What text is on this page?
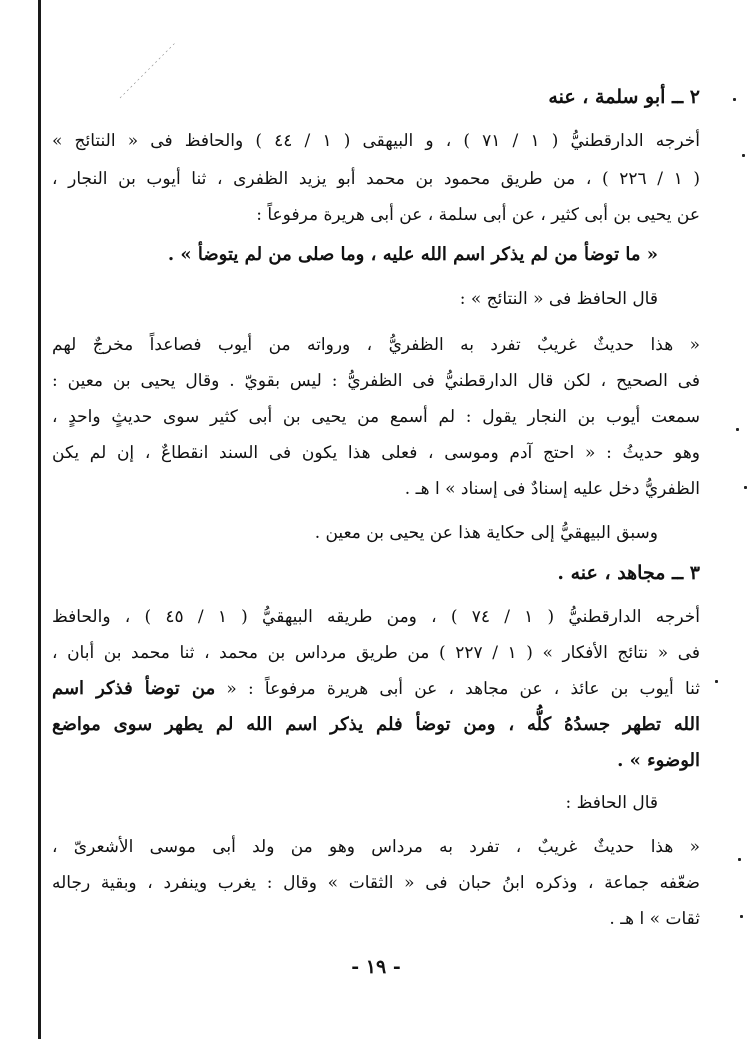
٢ ــ أبو سلمة ، عنه
أخرجه الدارقطنيُّ ( ١ / ٧١ ) ، و البيهقى ( ١ / ٤٤ ) والحافظ فى « النتائج »
( ١ / ٢٢٦ ) ، من طريق محمود بن محمد أبو يزيد الظفرى ، ثنا أيوب بن النجار ،
عن يحيى بن أبى كثير ، عن أبى سلمة ، عن أبى هريرة مرفوعاً :
« ما توضأ من لم يذكر اسم الله عليه ، وما صلى من لم يتوضأ » .
قال الحافظ فى « النتائج » :
« هذا حديثٌ غريبٌ تفرد به الظفريُّ ، ورواته من أيوب فصاعداً مخرجٌ لهم
فى الصحيح ، لكن قال الدارقطنيُّ فى الظفريُّ : ليس بقويّ . وقال يحيى بن معين :
سمعت أيوب بن النجار يقول : لم أسمع من يحيى بن أبى كثير سوى حديثٍ واحدٍ ،
وهو حديثُ : « احتج آدم وموسى ، فعلى هذا يكون فى السند انقطاعٌ ، إن لم يكن
الظفريُّ دخل عليه إسنادٌ فى إسناد » ا هـ .
وسبق البيهقيُّ إلى حكاية هذا عن يحيى بن معين .
٣ ــ مجاهد ، عنه .
أخرجه الدارقطنيُّ ( ١ / ٧٤ ) ، ومن طريقه البيهقيُّ ( ١ / ٤٥ ) ، والحافظ
فى « نتائج الأفكار » ( ١ / ٢٢٧ ) من طريق مرداس بن محمد ، ثنا محمد بن أبان ،
ثنا أيوب بن عائذ ، عن مجاهد ، عن أبى هريرة مرفوعاً : « من توضأ فذكر اسم
الله تطهر جسدُهُ كلُّه ، ومن توضأ فلم يذكر اسم الله لم يطهر سوى مواضع
الوضوء » .
قال الحافظ :
« هذا حديثٌ غريبٌ ، تفرد به مرداس وهو من ولد أبى موسى الأشعرىّ ،
ضعّفه جماعة ، وذكره ابنُ حبان فى « الثقات » وقال : يغرب وينفرد ، وبقية رجاله
ثقات » ا هـ .
- ١٩ -
